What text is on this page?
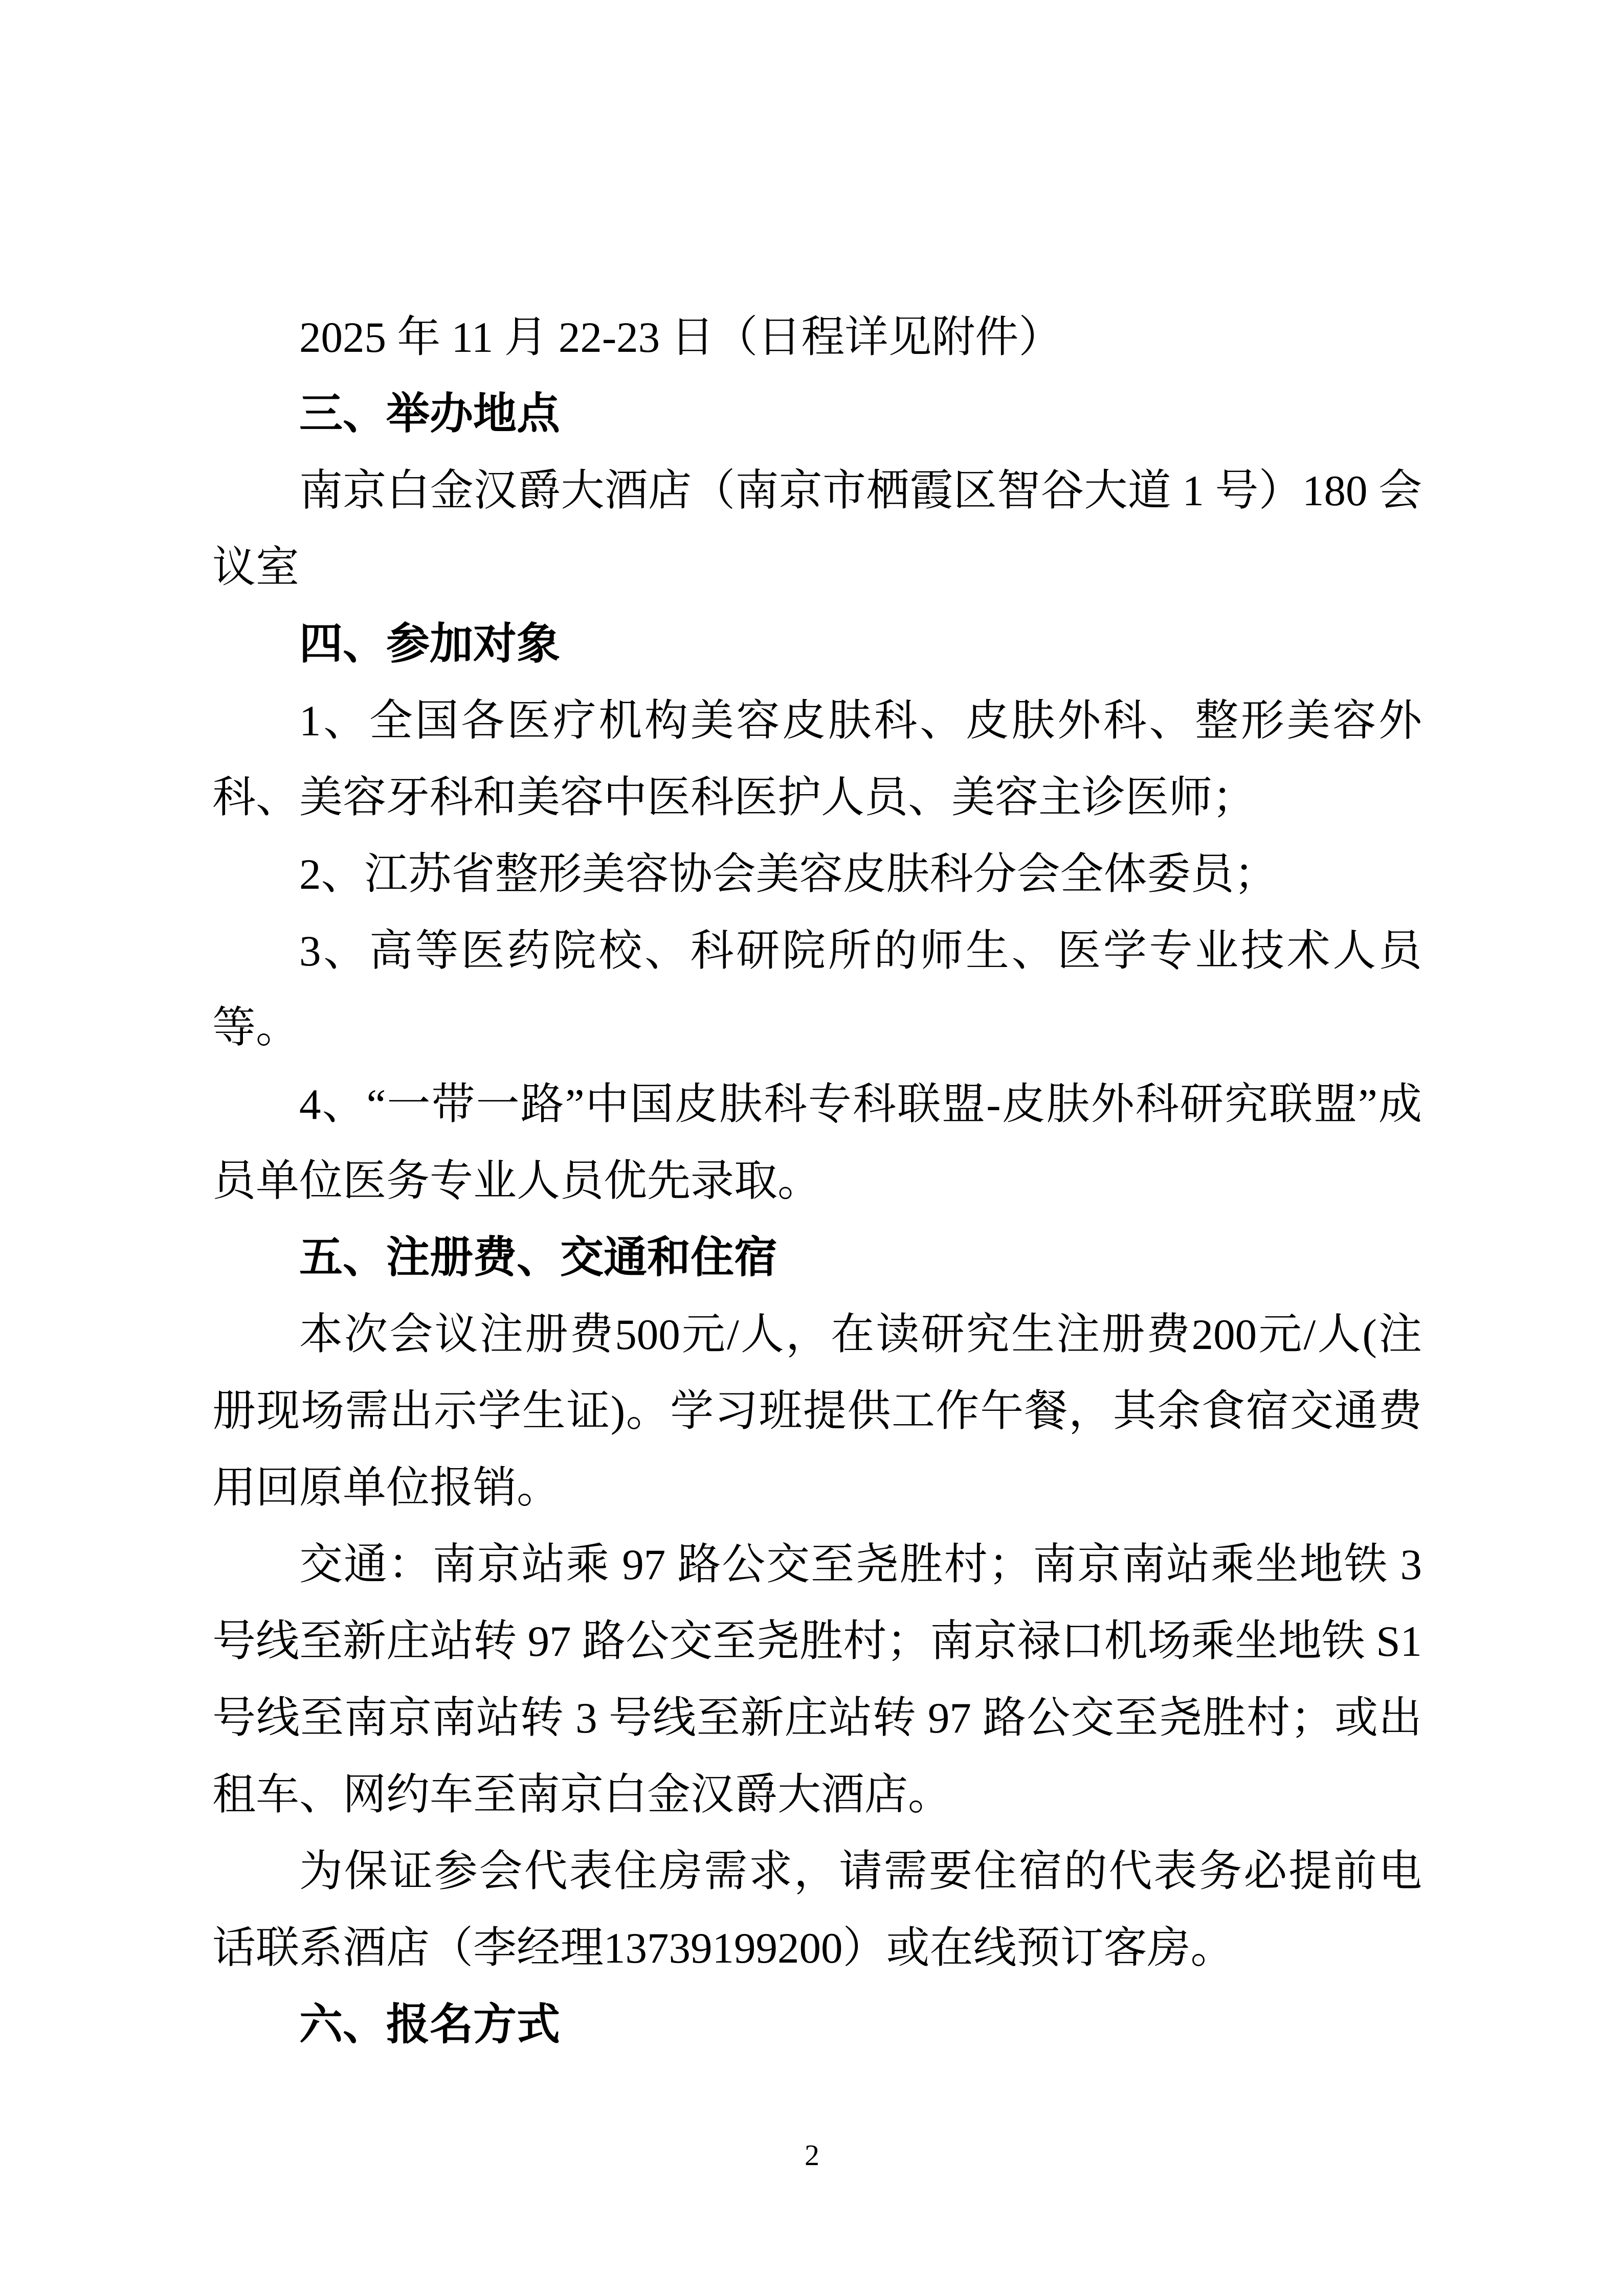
2025 年 11 月 22-23 日（日程详见附件）

三、举办地点

南京白金汉爵大酒店（南京市栖霞区智谷大道 1 号）180 会议室

四、参加对象

1、全国各医疗机构美容皮肤科、皮肤外科、整形美容外科、美容牙科和美容中医科医护人员、美容主诊医师；

2、江苏省整形美容协会美容皮肤科分会全体委员；

3、高等医药院校、科研院所的师生、医学专业技术人员等。

4、“一带一路”中国皮肤科专科联盟-皮肤外科研究联盟”成员单位医务专业人员优先录取。

五、注册费、交通和住宿

本次会议注册费500元/人，在读研究生注册费200元/人(注册现场需出示学生证)。学习班提供工作午餐，其余食宿交通费用回原单位报销。

交通：南京站乘 97 路公交至尧胜村；南京南站乘坐地铁 3 号线至新庄站转 97 路公交至尧胜村；南京禄口机场乘坐地铁 S1 号线至南京南站转 3 号线至新庄站转 97 路公交至尧胜村；或出租车、网约车至南京白金汉爵大酒店。

为保证参会代表住房需求，请需要住宿的代表务必提前电话联系酒店（李经理13739199200）或在线预订客房。

六、报名方式

2
